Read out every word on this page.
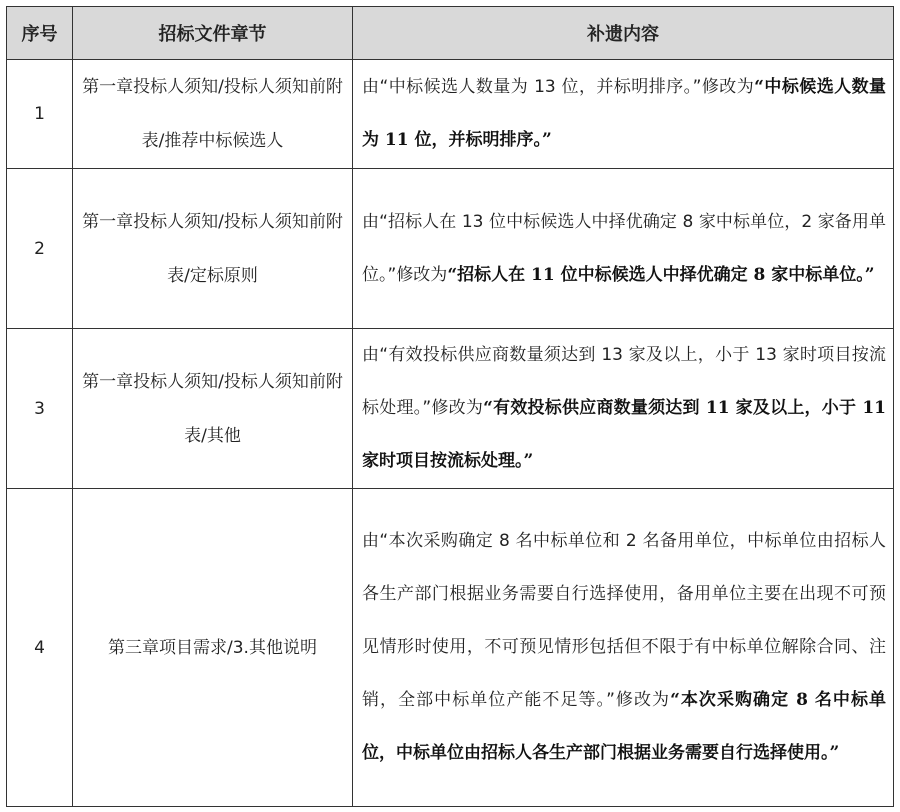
序号	招标文件章节	补遗内容
1	第一章投标人须知/投标人须知前附表/推荐中标候选人	由“中标候选人数量为 13 位，并标明排序。”修改为“中标候选人数量为 11 位，并标明排序。”
2	第一章投标人须知/投标人须知前附表/定标原则	由“招标人在 13 位中标候选人中择优确定 8 家中标单位，2 家备用单位。”修改为“招标人在 11 位中标候选人中择优确定 8 家中标单位。”
3	第一章投标人须知/投标人须知前附表/其他	由“有效投标供应商数量须达到 13 家及以上，小于 13 家时项目按流标处理。”修改为“有效投标供应商数量须达到 11 家及以上，小于 11 家时项目按流标处理。”
4	第三章项目需求/3.其他说明	由“本次采购确定 8 名中标单位和 2 名备用单位，中标单位由招标人各生产部门根据业务需要自行选择使用，备用单位主要在出现不可预见情形时使用，不可预见情形包括但不限于有中标单位解除合同、注销，全部中标单位产能不足等。”修改为“本次采购确定 8 名中标单位，中标单位由招标人各生产部门根据业务需要自行选择使用。”
